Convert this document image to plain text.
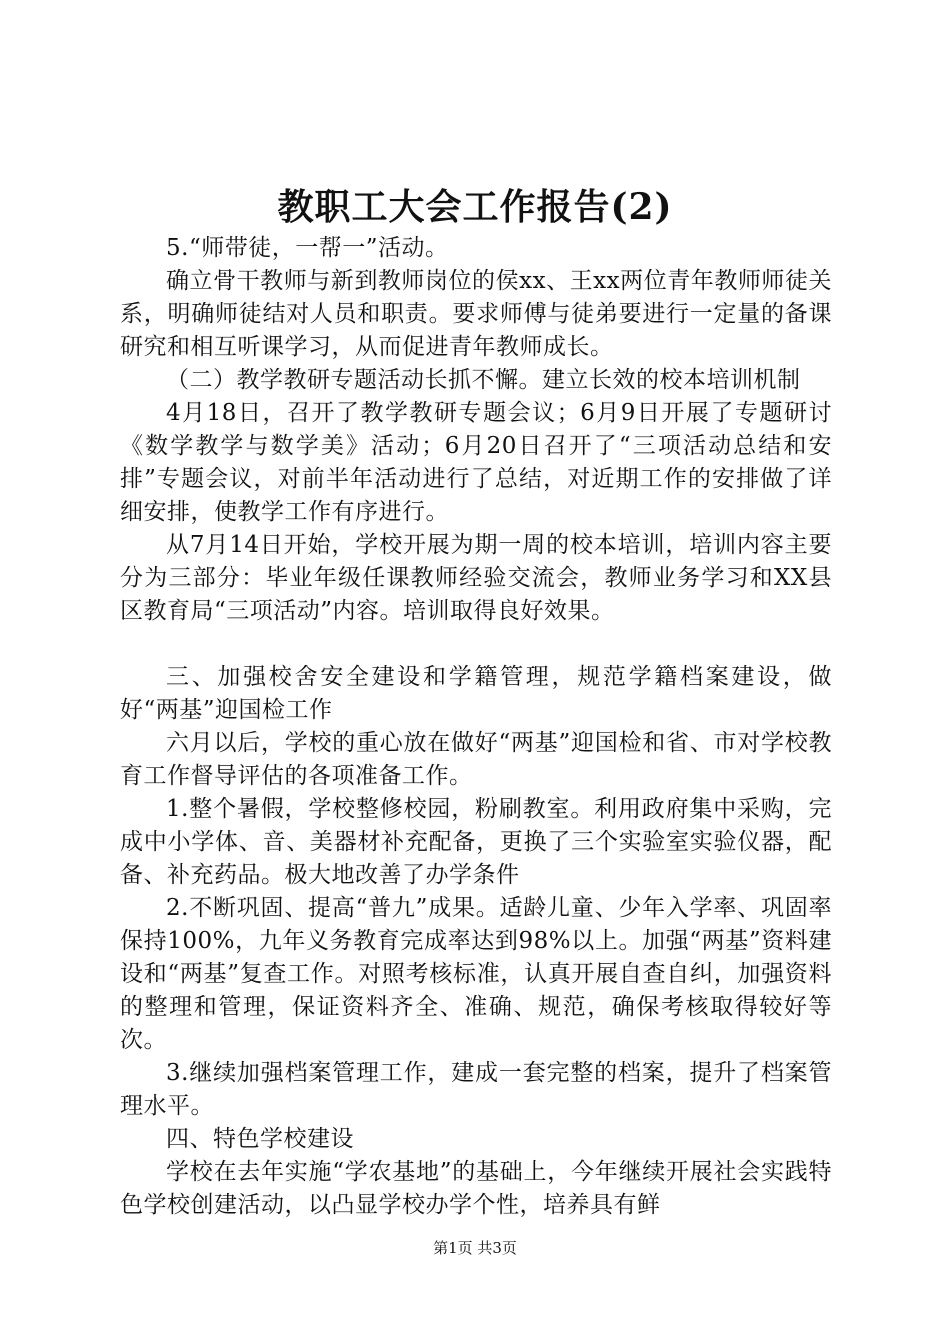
教职工大会工作报告(2)

5.“师带徒，一帮一”活动。

确立骨干教师与新到教师岗位的侯xx、王xx两位青年教师师徒关系，明确师徒结对人员和职责。要求师傅与徒弟要进行一定量的备课研究和相互听课学习，从而促进青年教师成长。

（二）教学教研专题活动长抓不懈。建立长效的校本培训机制

4月18日，召开了教学教研专题会议；6月9日开展了专题研讨《数学教学与数学美》活动；6月20日召开了“三项活动总结和安排”专题会议，对前半年活动进行了总结，对近期工作的安排做了详细安排，使教学工作有序进行。

从7月14日开始，学校开展为期一周的校本培训，培训内容主要分为三部分：毕业年级任课教师经验交流会，教师业务学习和XX县区教育局“三项活动”内容。培训取得良好效果。

三、加强校舍安全建设和学籍管理，规范学籍档案建设，做好“两基”迎国检工作

六月以后，学校的重心放在做好“两基”迎国检和省、市对学校教育工作督导评估的各项准备工作。

1.整个暑假，学校整修校园，粉刷教室。利用政府集中采购，完成中小学体、音、美器材补充配备，更换了三个实验室实验仪器，配备、补充药品。极大地改善了办学条件

2.不断巩固、提高“普九”成果。适龄儿童、少年入学率、巩固率保持100%，九年义务教育完成率达到98%以上。加强“两基”资料建设和“两基”复查工作。对照考核标准，认真开展自查自纠，加强资料的整理和管理，保证资料齐全、准确、规范，确保考核取得较好等次。

3.继续加强档案管理工作，建成一套完整的档案，提升了档案管理水平。

四、特色学校建设

学校在去年实施“学农基地”的基础上，今年继续开展社会实践特色学校创建活动，以凸显学校办学个性，培养具有鲜

第1页 共3页
